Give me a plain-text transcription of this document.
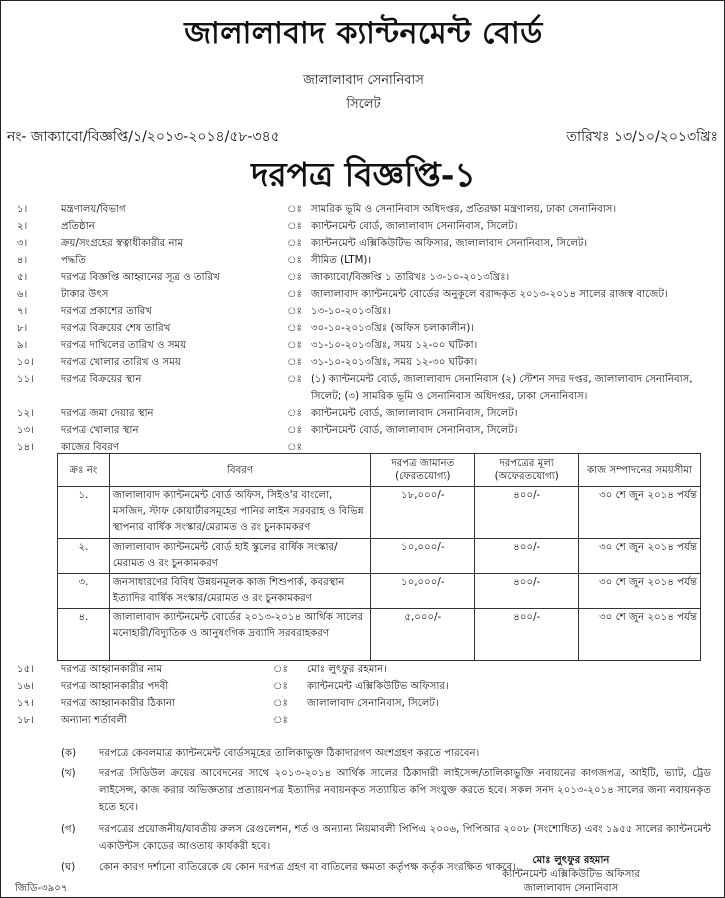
জালালাবাদ ক্যান্টনমেন্ট বোর্ড
জালালাবাদ সেনানিবাস
সিলেট
নং- জাক্যাবো/বিজ্ঞপ্তি/১/২০১৩-২০১৪/৫৮-৩৪৫	তারিখঃ ১৩/১০/২০১৩খ্রিঃ
দরপত্র বিজ্ঞপ্তি-১
১।	মন্ত্রণালয়/বিভাগ	ঃ সামরিক ভূমি ও সেনানিবাস অধিদপ্তর, প্রতিরক্ষা মন্ত্রণালয়, ঢাকা সেনানিবাস।
২।	প্রতিষ্ঠান	ঃ ক্যান্টনমেন্ট বোর্ড, জালালাবাদ সেনানিবাস, সিলেট।
৩।	ক্রয়/সংগ্রহের স্বত্বাধীকারীর নাম	ঃ ক্যান্টনমেন্ট এক্সিকিউটিভ অফিসার, জালালাবাদ সেনানিবাস, সিলেট।
৪।	পদ্ধতি	ঃ সীমিত (LTM)।
৫।	দরপত্র বিজ্ঞপ্তি আহ্বানের সূত্র ও তারিখ	ঃ জাক্যাবো/বিজ্ঞপ্তি ১ তারিখঃ ১৩-১০-২০১৩খ্রিঃ।
৬।	টাকার উৎস	ঃ জালালাবাদ ক্যান্টনমেন্ট বোর্ডের অনুকূলে বরাদ্দকৃত ২০১৩-২০১৪ সালের রাজস্ব বাজেট।
৭।	দরপত্র প্রকাশের তারিখ	ঃ ১৩-১০-২০১৩খ্রিঃ।
৮।	দরপত্র বিক্রয়ের শেষ তারিখ	ঃ ৩০-১০-২০১৩খ্রিঃ (অফিস চলাকালীন)।
৯।	দরপত্র দাখিলের তারিখ ও সময়	ঃ ৩১-১০-২০১৩খ্রিঃ, সময় ১২-০০ ঘটিকা।
১০।	দরপত্র খোলার তারিখ ও সময়	ঃ ৩১-১০-২০১৩খ্রিঃ, সময় ১২-৩০ ঘটিকা।
১১।	দরপত্র বিক্রয়ের স্থান	ঃ (১) ক্যান্টনমেন্ট বোর্ড, জালালাবাদ সেনানিবাস (২) স্টেশন সদর দপ্তর, জালালাবাদ সেনানিবাস, সিলেট; (৩) সামরিক ভূমি ও সেনানিবাস অধিদপ্তর, ঢাকা সেনানিবাস।
১২।	দরপত্র জমা দেয়ার স্থান	ঃ ক্যান্টনমেন্ট বোর্ড, জালালাবাদ সেনানিবাস, সিলেট।
১৩।	দরপত্র খোলার স্থান	ঃ ক্যান্টনমেন্ট বোর্ড, জালালাবাদ সেনানিবাস, সিলেট।
১৪।	কাজের বিবরণ	ঃ
ক্রঃ নং	বিবরণ	দরপত্র জামানত (ফেরতযোগ্য)	দরপত্রের মূল্য (অফেরতযোগ্য)	কাজ সম্পাদনের সময়সীমা
১.	জালালাবাদ ক্যান্টনমেন্ট বোর্ড অফিস, সিইও'র বাংলো, মসজিদ, স্টাফ কোয়ার্টারসমূহের পানির লাইন সরবরাহ ও বিভিন্ন স্থাপনার বার্ষিক সংস্কার/মেরামত ও রং চুনকামকরণ	১৮,০০০/-	৪০০/-	৩০ শে জুন ২০১৪ পর্যন্ত
২.	জালালাবাদ ক্যান্টনমেন্ট বোর্ড হাই স্কুলের বার্ষিক সংস্কার/মেরামত ও রং চুনকামকরণ	১০,০০০/-	৪০০/-	৩০ শে জুন ২০১৪ পর্যন্ত
৩.	জনসাধারণের বিবিধ উন্নয়নমূলক কাজ শিশুপার্ক, কবরস্থান ইত্যাদির বার্ষিক সংস্কার/মেরামত ও রং চুনকামকরণ	১০,০০০/-	৪০০/-	৩০ শে জুন ২০১৪ পর্যন্ত
৪.	জালালাবাদ ক্যান্টনমেন্ট বোর্ডের ২০১৩-২০১৪ আর্থিক সালের মনোহারী/বিদ্যুতিক ও আনুষংগিক দ্রব্যাদি সরবরাহকরণ	৫,০০০/-	৪০০/-	৩০ শে জুন ২০১৪ পর্যন্ত
১৫।	দরপত্র আহ্বানকারীর নাম	ঃ মোঃ লুৎফুর রহমান।
১৬।	দরপত্র আহ্বানকারীর পদবী	ঃ ক্যান্টনমেন্ট এক্সিকিউটিভ অফিসার।
১৭।	দরপত্র আহ্বানকারীর ঠিকানা	ঃ জালালাবাদ সেনানিবাস, সিলেট।
১৮।	অন্যান্য শর্তাবলী	ঃ
(ক) দরপত্রে কেবলমাত্র ক্যান্টনমেন্ট বোর্ডসমূহের তালিকাভুক্ত ঠিকাদারগণ অংশগ্রহণ করতে পারবেন।
(খ) দরপত্র সিডিউল ক্রয়ের আবেদনের সাথে ২০১৩-২০১৪ আর্থিক সালের ঠিকাদারী লাইসেন্স/তালিকাভুক্তি নবায়নের কাগজপত্র, আইটি, ভ্যাট, ট্রেড লাইসেন্স, কাজ করার অভিজ্ঞতার প্রত্যায়নপত্র ইত্যাদির নবায়নকৃত সত্যায়িত কপি সংযুক্ত করতে হবে। সকল সনদ ২০১৩-২০১৪ সালের জন্য নবায়নকৃত হতে হবে।
(গ) দরপত্রের প্রয়োজনীয়/যাবতীয় রুলস রেগুলেশন, শর্ত ও অন্যান্য নিয়মাবলী পিপিএ ২০০৬, পিপিআর ২০০৮ (সংশোধিত) এবং ১৯৫৫ সালের ক্যান্টনমেন্ট একাউন্টস কোডের আওতায় কার্যকরী হবে।
(ঘ) কোন কারণ দর্শানো ব্যতিরেকে যে কোন দরপত্র গ্রহণ বা বাতিলের ক্ষমতা কর্তৃপক্ষ কর্তৃক সংরক্ষিত থাকবে।
মোঃ লুৎফুর রহমান
ক্যান্টনমেন্ট এক্সিকিউটিভ অফিসার
জালালাবাদ সেনানিবাস
জিডি-৩৯০৭
